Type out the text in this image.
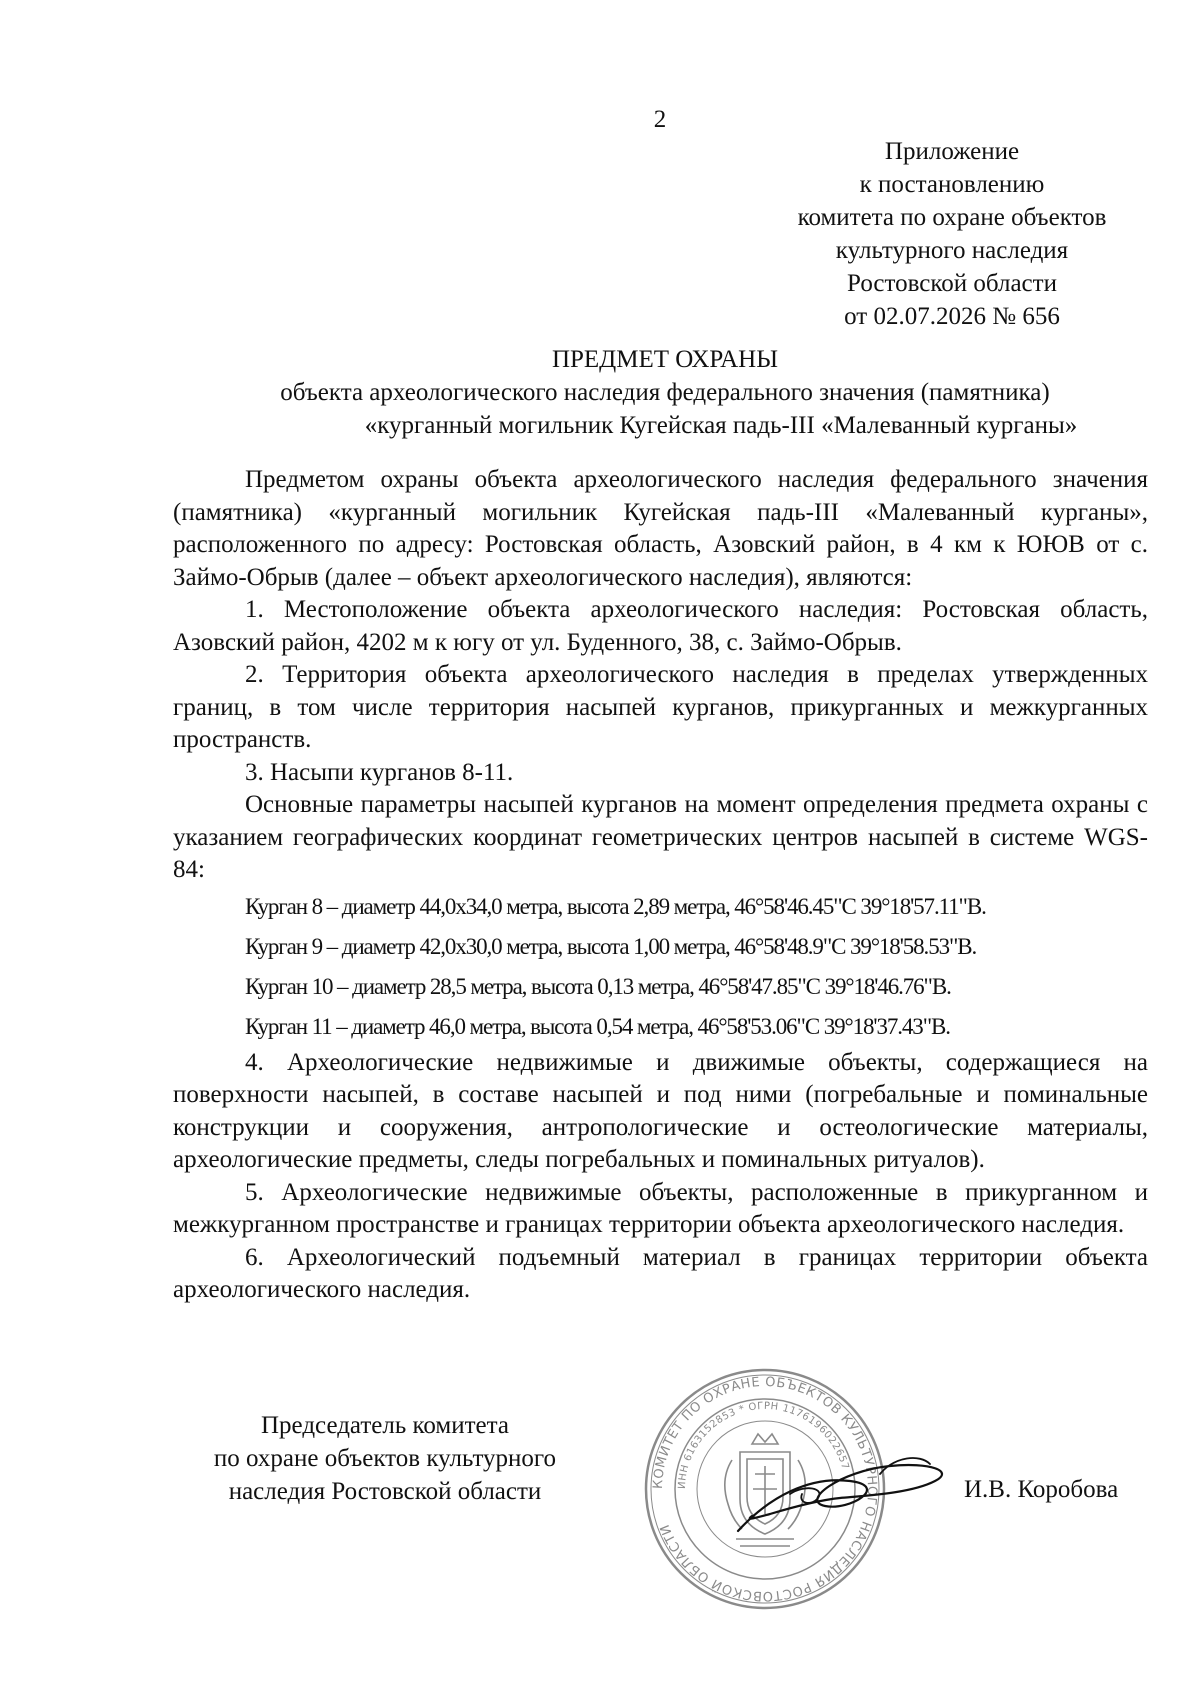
2
Приложение
к постановлению
комитета по охране объектов
культурного наследия
Ростовской области
от 02.07.2026 № 656
ПРЕДМЕТ ОХРАНЫ
объекта археологического наследия федерального значения (памятника)
«курганный могильник Кугейская падь-III «Малеванный курганы»

Предметом охраны объекта археологического наследия федерального значения (памятника) «курганный могильник Кугейская падь-III «Малеванный курганы», расположенного по адресу: Ростовская область, Азовский район, в 4 км к ЮЮВ от с. Займо-Обрыв (далее – объект археологического наследия), являются:

1. Местоположение объекта археологического наследия: Ростовская область, Азовский район, 4202 м к югу от ул. Буденного, 38, с. Займо-Обрыв.

2. Территория объекта археологического наследия в пределах утвержденных границ, в том числе территория насыпей курганов, прикурганных и межкурганных пространств.

3. Насыпи курганов 8-11.

Основные параметры насыпей курганов на момент определения предмета охраны с указанием географических координат геометрических центров насыпей в системе WGS-84:

Курган 8 – диаметр 44,0х34,0 метра, высота 2,89 метра, 46°58'46.45"С 39°18'57.11"В.

Курган 9 – диаметр 42,0х30,0 метра, высота 1,00 метра, 46°58'48.9"С 39°18'58.53"В.

Курган 10 – диаметр 28,5 метра, высота 0,13 метра, 46°58'47.85"С 39°18'46.76"В.

Курган 11 – диаметр 46,0 метра, высота 0,54 метра, 46°58'53.06"С 39°18'37.43"В.

4. Археологические недвижимые и движимые объекты, содержащиеся на поверхности насыпей, в составе насыпей и под ними (погребальные и поминальные конструкции и сооружения, антропологические и остеологические материалы, археологические предметы, следы погребальных и поминальных ритуалов).

5. Археологические недвижимые объекты, расположенные в прикурганном и межкурганном пространстве и границах территории объекта археологического наследия.

6. Археологический подъемный материал в границах территории объекта археологического наследия.

Председатель комитета
по охране объектов культурного
наследия Ростовской области	КОМИТЕТ ПО ОХРАНЕ ОБЪЕКТОВ КУЛЬТУРНОГО НАСЛЕДИЯ РОСТОВСКОЙ ОБЛАСТИ
ИНН 6163152853 * ОГРН 1176196022657
И.В. Коробова
